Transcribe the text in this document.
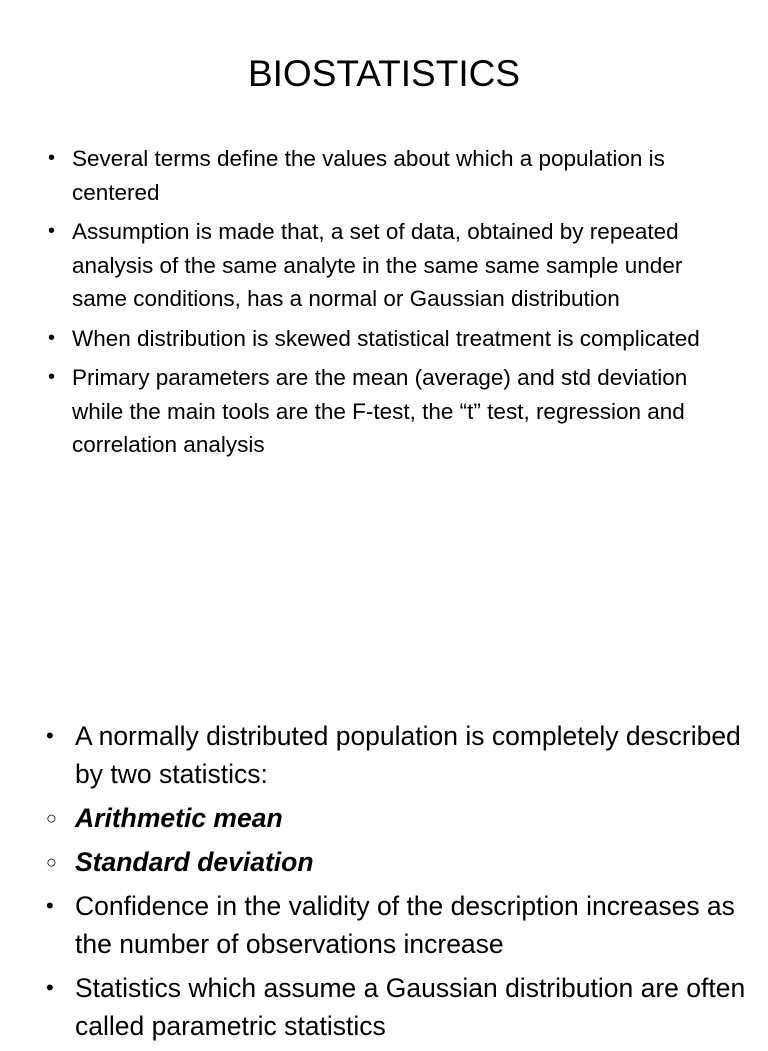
BIOSTATISTICS
• Several terms define the values about which a population is centered
• Assumption is made that, a set of data, obtained by repeated analysis of the same analyte in the same same sample under same conditions, has a normal or Gaussian distribution
• When distribution is skewed statistical treatment is complicated
• Primary parameters are the mean (average) and std deviation while the main tools are the F-test, the “t” test, regression and correlation analysis
• A normally distributed population is completely described by two statistics:
○ Arithmetic mean
○ Standard deviation
• Confidence in the validity of the description increases as the number of observations increase
• Statistics which assume a Gaussian distribution are often called parametric statistics
